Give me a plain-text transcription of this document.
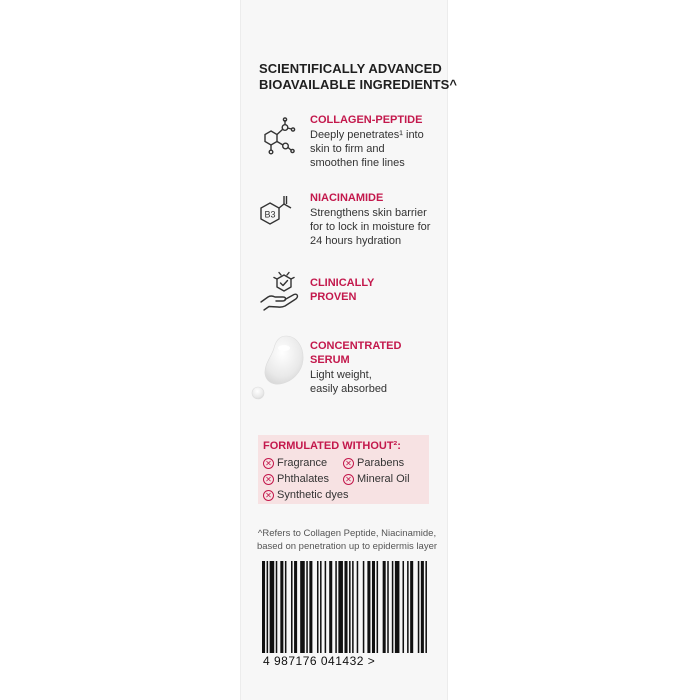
SCIENTIFICALLY ADVANCED
BIOAVAILABLE INGREDIENTS^
COLLAGEN-PEPTIDE
Deeply penetrates¹ into
skin to firm and
smoothen fine lines
B3
NIACINAMIDE
Strengthens skin barrier
for to lock in moisture for
24 hours hydration
CLINICALLY
PROVEN
CONCENTRATED
SERUM
Light weight,
easily absorbed
FORMULATED WITHOUT²:
✕ Fragrance ✕ Parabens
✕ Phthalates ✕ Mineral Oil
✕ Synthetic dyes
^Refers to Collagen Peptide, Niacinamide,
based on penetration up to epidermis layer
4 987176 041432 >
